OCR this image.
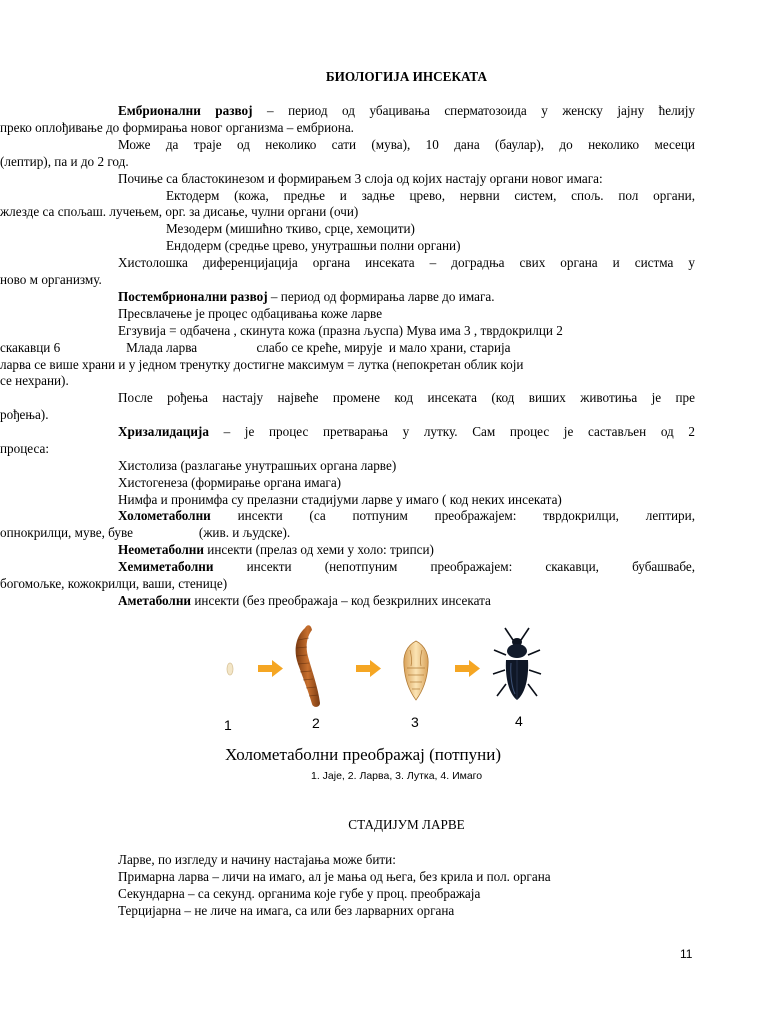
БИОЛОГИЈА ИНСЕКАТА

Ембрионални развој – период од убацивања сперматозоида у женску јајну ћелију

преко оплођивање до формирања новог организма – ембриона.

Може да траје од неколико сати (мува), 10 дана (баулар), до неколико месеци

(лептир), па и до 2 год.

Почиње са бластокинезом и формирањем 3 слоја од којих настају органи новог имага:

Ектодерм (кожа, предње и задње црево, нервни систем, спољ. пол органи,

жлезде са спољаш. лучењем, орг. за дисање, чулни органи (очи)

Мезодерм (мишићно ткиво, срце, хемоцити)

Ендодерм (средње црево, унутрашњи полни органи)

Хистолошка диференцијација органа инсеката – доградња свих органа и систма у

ново м организму.

Постембрионални развој – период од формирања ларве до имага.

Пресвлачење је процес одбацивања коже ларве

Егзувија = одбачена , скинута кожа (празна љуспа) Мува има 3 , тврдокрилци 2

скакавци 6                    Млада ларва                  слабо се креће, мирује  и мало храни, старија

ларва се више храни и у једном тренутку достигне максимум = лутка (непокретан облик који

се нехрани).

После рођења настају највеће промене код инсеката (код виших животиња је пре

рођења).

Хризалидација – је процес претварања у лутку. Сам процес је састављен од 2

процеса:

Хистолиза (разлагање унутрашњих органа ларве)

Хистогенеза (формирање органа имага)

Нимфа и пронимфа су прелазни стадијуми ларве у имаго ( код неких инсеката)

Холометаболни инсекти (са потпуним преображајем: тврдокрилци, лептири,

опнокрилци, муве, буве                    (жив. и људске).

Неометаболни инсекти (прелаз од хеми у холо: трипси)

Хемиметаболни инсекти (непотпуним преображајем: скакавци, бубашвабе,

богомољке, кожокрилци, ваши, стенице)

Аметаболни инсекти (без преображаја – код безкрилних инсеката

СТАДИЈУМ ЛАРВЕ

Ларве, по изгледу и начину настајања може бити:

Примарна ларва – личи на имаго, ал је мања од њега, без крила и пол. органа

Секундарна – са секунд. органима које губе у проц. преображаја

Терцијарна – не личе на имага, са или без ларварних органа

1	2	3	4
Холометаболни преображај (потпуни)
1. Jaje, 2. Ларва, 3. Лутка, 4. Имаго
11
